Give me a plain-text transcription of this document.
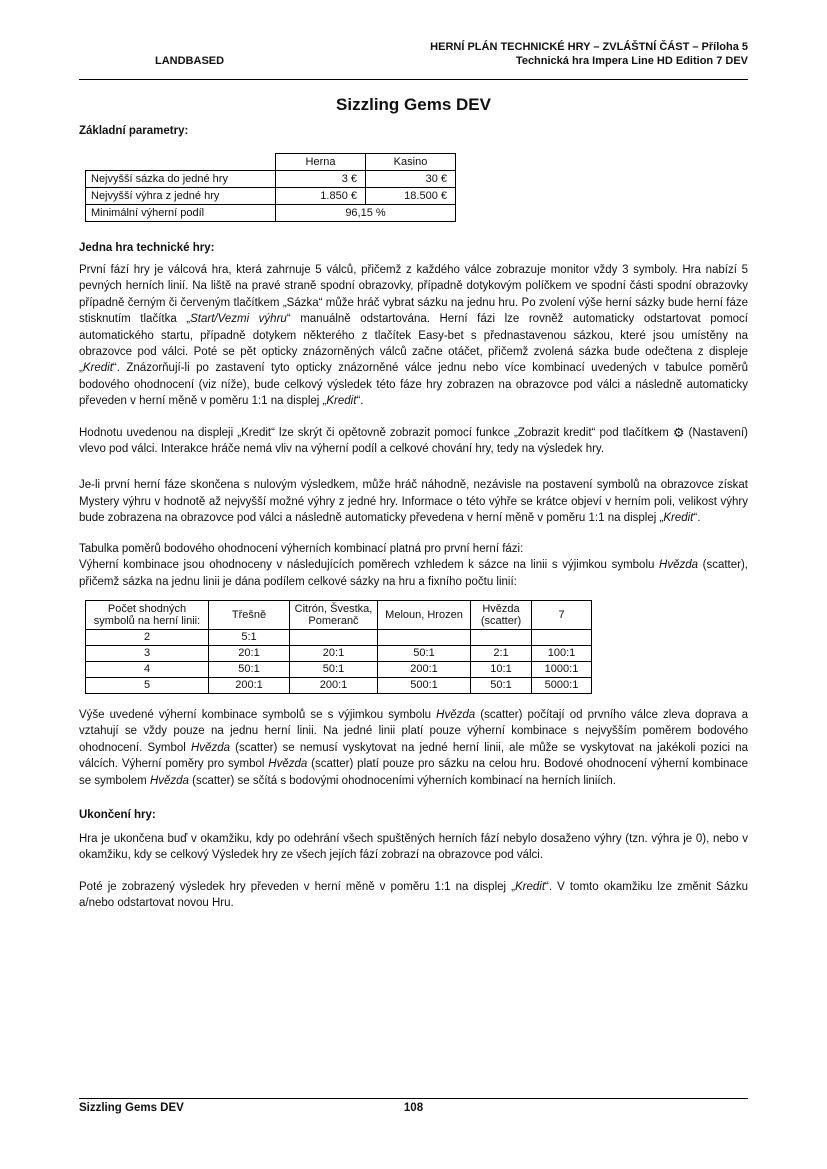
HERNÍ PLÁN TECHNICKÉ HRY – ZVLÁŠTNÍ ČÁST – Příloha 5
LANDBASED	Technická hra Impera Line HD Edition 7 DEV
Sizzling Gems DEV
Základní parametry:
	Herna	Kasino
Nejvyšší sázka do jedné hry	3 €	30 €
Nejvyšší výhra z jedné hry	1.850 €	18.500 €
Minimální výherní podíl	96,15 %	
Jedna hra technické hry:

První fází hry je válcová hra, která zahrnuje 5 válců, přičemž z každého válce zobrazuje monitor vždy 3 symboly. Hra nabízí 5 pevných herních linií. Na liště na pravé straně spodní obrazovky, případně dotykovým políčkem ve spodní části spodní obrazovky případně černým či červeným tlačítkem „Sázka“ může hráč vybrat sázku na jednu hru. Po zvolení výše herní sázky bude herní fáze stisknutím tlačítka „Start/Vezmi výhru“ manuálně odstartována. Herní fázi lze rovněž automaticky odstartovat pomocí automatického startu, případně dotykem některého z tlačítek Easy-bet s přednastavenou sázkou, které jsou umístěny na obrazovce pod válci. Poté se pět opticky znázorněných válců začne otáčet, přičemž zvolená sázka bude odečtena z displeje „Kredit“. Znázorňují-li po zastavení tyto opticky znázorněné válce jednu nebo více kombinací uvedených v tabulce poměrů bodového ohodnocení (viz níže), bude celkový výsledek této fáze hry zobrazen na obrazovce pod válci a následně automaticky převeden v herní měně v poměru 1:1 na displej „Kredit“.

Hodnotu uvedenou na displeji „Kredit“ lze skrýt či opětovně zobrazit pomocí funkce „Zobrazit kredit“ pod tlačítkem ⚙ (Nastavení) vlevo pod válci. Interakce hráče nemá vliv na výherní podíl a celkové chování hry, tedy na výsledek hry.

Je-li první herní fáze skončena s nulovým výsledkem, může hráč náhodně, nezávisle na postavení symbolů na obrazovce získat Mystery výhru v hodnotě až nejvyšší možné výhry z jedné hry. Informace o této výhře se krátce objeví v herním poli, velikost výhry bude zobrazena na obrazovce pod válci a následně automaticky převedena v herní měně v poměru 1:1 na displej „Kredit“.

Tabulka poměrů bodového ohodnocení výherních kombinací platná pro první herní fázi:
Výherní kombinace jsou ohodnoceny v následujících poměrech vzhledem k sázce na linii s výjimkou symbolu Hvězda (scatter), přičemž sázka na jednu linii je dána podílem celkové sázky na hru a fixního počtu linií:

Počet shodných symbolů na herní linii:	Třešně	Citrón, Švestka, Pomeranč	Meloun, Hrozen	Hvězda (scatter)	7
2	5:1				
3	20:1	20:1	50:1	2:1	100:1
4	50:1	50:1	200:1	10:1	1000:1
5	200:1	200:1	500:1	50:1	5000:1

Výše uvedené výherní kombinace symbolů se s výjimkou symbolu Hvězda (scatter) počítají od prvního válce zleva doprava a vztahují se vždy pouze na jednu herní linii. Na jedné linii platí pouze výherní kombinace s nejvyšším poměrem bodového ohodnocení. Symbol Hvězda (scatter) se nemusí vyskytovat na jedné herní linii, ale může se vyskytovat na jakékoli pozici na válcích. Výherní poměry pro symbol Hvězda (scatter) platí pouze pro sázku na celou hru. Bodové ohodnocení výherní kombinace se symbolem Hvězda (scatter) se sčítá s bodovými ohodnoceními výherních kombinací na herních liniích.

Ukončení hry:

Hra je ukončena buď v okamžiku, kdy po odehrání všech spuštěných herních fází nebylo dosaženo výhry (tzn. výhra je 0), nebo v okamžiku, kdy se celkový Výsledek hry ze všech jejích fází zobrazí na obrazovce pod válci.

Poté je zobrazený výsledek hry převeden v herní měně v poměru 1:1 na displej „Kredit“. V tomto okamžiku lze změnit Sázku a/nebo odstartovat novou Hru.

Sizzling Gems DEV	108
